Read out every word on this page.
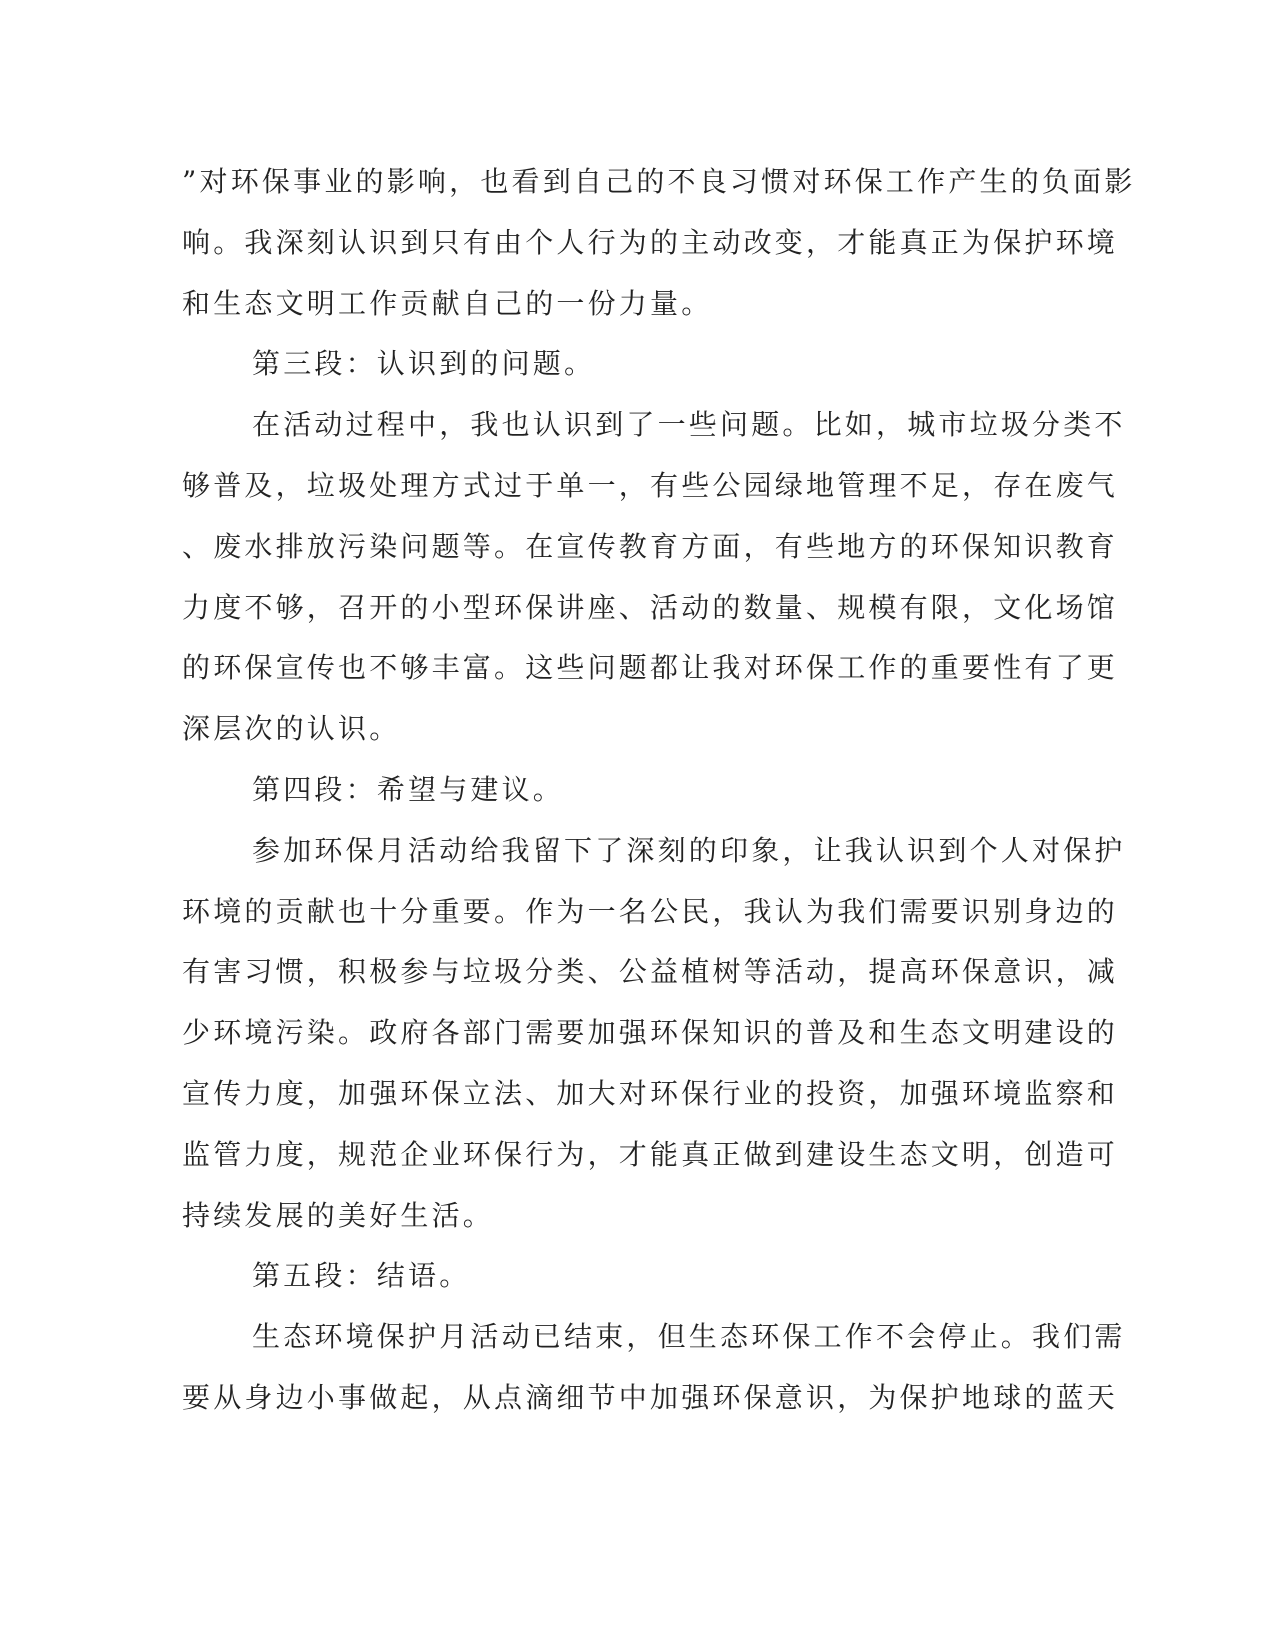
”对环保事业的影响，也看到自己的不良习惯对环保工作产生的负面影
响。我深刻认识到只有由个人行为的主动改变，才能真正为保护环境
和生态文明工作贡献自己的一份力量。
第三段：认识到的问题。
在活动过程中，我也认识到了一些问题。比如，城市垃圾分类不
够普及，垃圾处理方式过于单一，有些公园绿地管理不足，存在废气
、废水排放污染问题等。在宣传教育方面，有些地方的环保知识教育
力度不够，召开的小型环保讲座、活动的数量、规模有限，文化场馆
的环保宣传也不够丰富。这些问题都让我对环保工作的重要性有了更
深层次的认识。
第四段：希望与建议。
参加环保月活动给我留下了深刻的印象，让我认识到个人对保护
环境的贡献也十分重要。作为一名公民，我认为我们需要识别身边的
有害习惯，积极参与垃圾分类、公益植树等活动，提高环保意识，减
少环境污染。政府各部门需要加强环保知识的普及和生态文明建设的
宣传力度，加强环保立法、加大对环保行业的投资，加强环境监察和
监管力度，规范企业环保行为，才能真正做到建设生态文明，创造可
持续发展的美好生活。
第五段：结语。
生态环境保护月活动已结束，但生态环保工作不会停止。我们需
要从身边小事做起，从点滴细节中加强环保意识，为保护地球的蓝天
